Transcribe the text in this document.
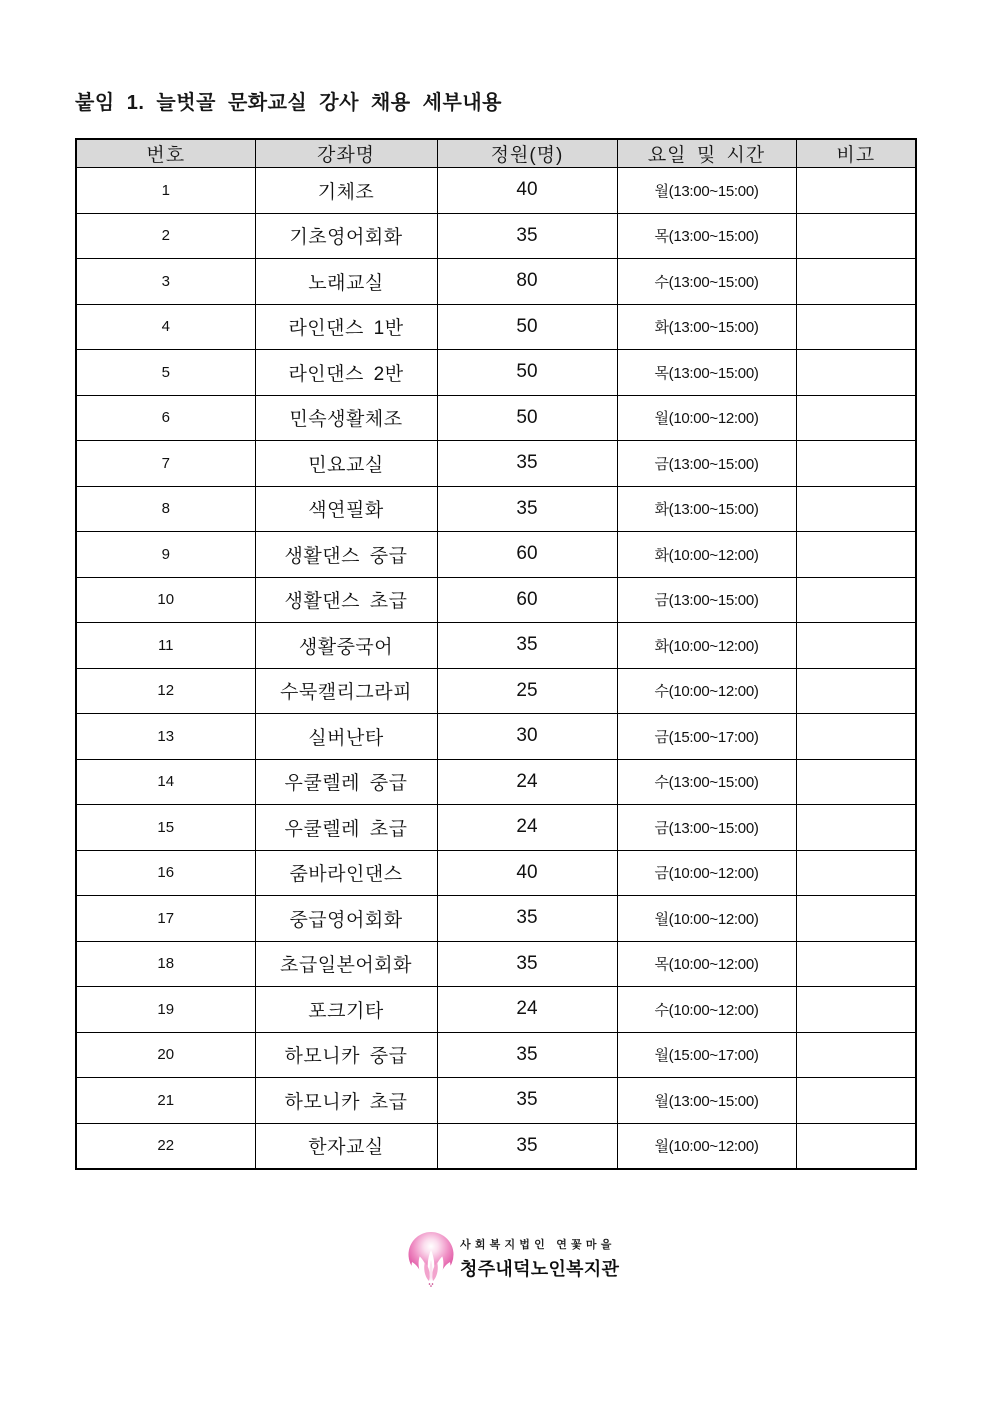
붙임 1. 늘벗골 문화교실 강사 채용 세부내용
번호	강좌명	정원(명)	요일 및 시간	비고
1	기체조	40	월(13:00~15:00)	
2	기초영어회화	35	목(13:00~15:00)	
3	노래교실	80	수(13:00~15:00)	
4	라인댄스 1반	50	화(13:00~15:00)	
5	라인댄스 2반	50	목(13:00~15:00)	
6	민속생활체조	50	월(10:00~12:00)	
7	민요교실	35	금(13:00~15:00)	
8	색연필화	35	화(13:00~15:00)	
9	생활댄스 중급	60	화(10:00~12:00)	
10	생활댄스 초급	60	금(13:00~15:00)	
11	생활중국어	35	화(10:00~12:00)	
12	수묵캘리그라피	25	수(10:00~12:00)	
13	실버난타	30	금(15:00~17:00)	
14	우쿨렐레 중급	24	수(13:00~15:00)	
15	우쿨렐레 초급	24	금(13:00~15:00)	
16	줌바라인댄스	40	금(10:00~12:00)	
17	중급영어회화	35	월(10:00~12:00)	
18	초급일본어회화	35	목(10:00~12:00)	
19	포크기타	24	수(10:00~12:00)	
20	하모니카 중급	35	월(15:00~17:00)	
21	하모니카 초급	35	월(13:00~15:00)	
22	한자교실	35	월(10:00~12:00)	
사회복지법인 연꽃마을
청주내덕노인복지관
